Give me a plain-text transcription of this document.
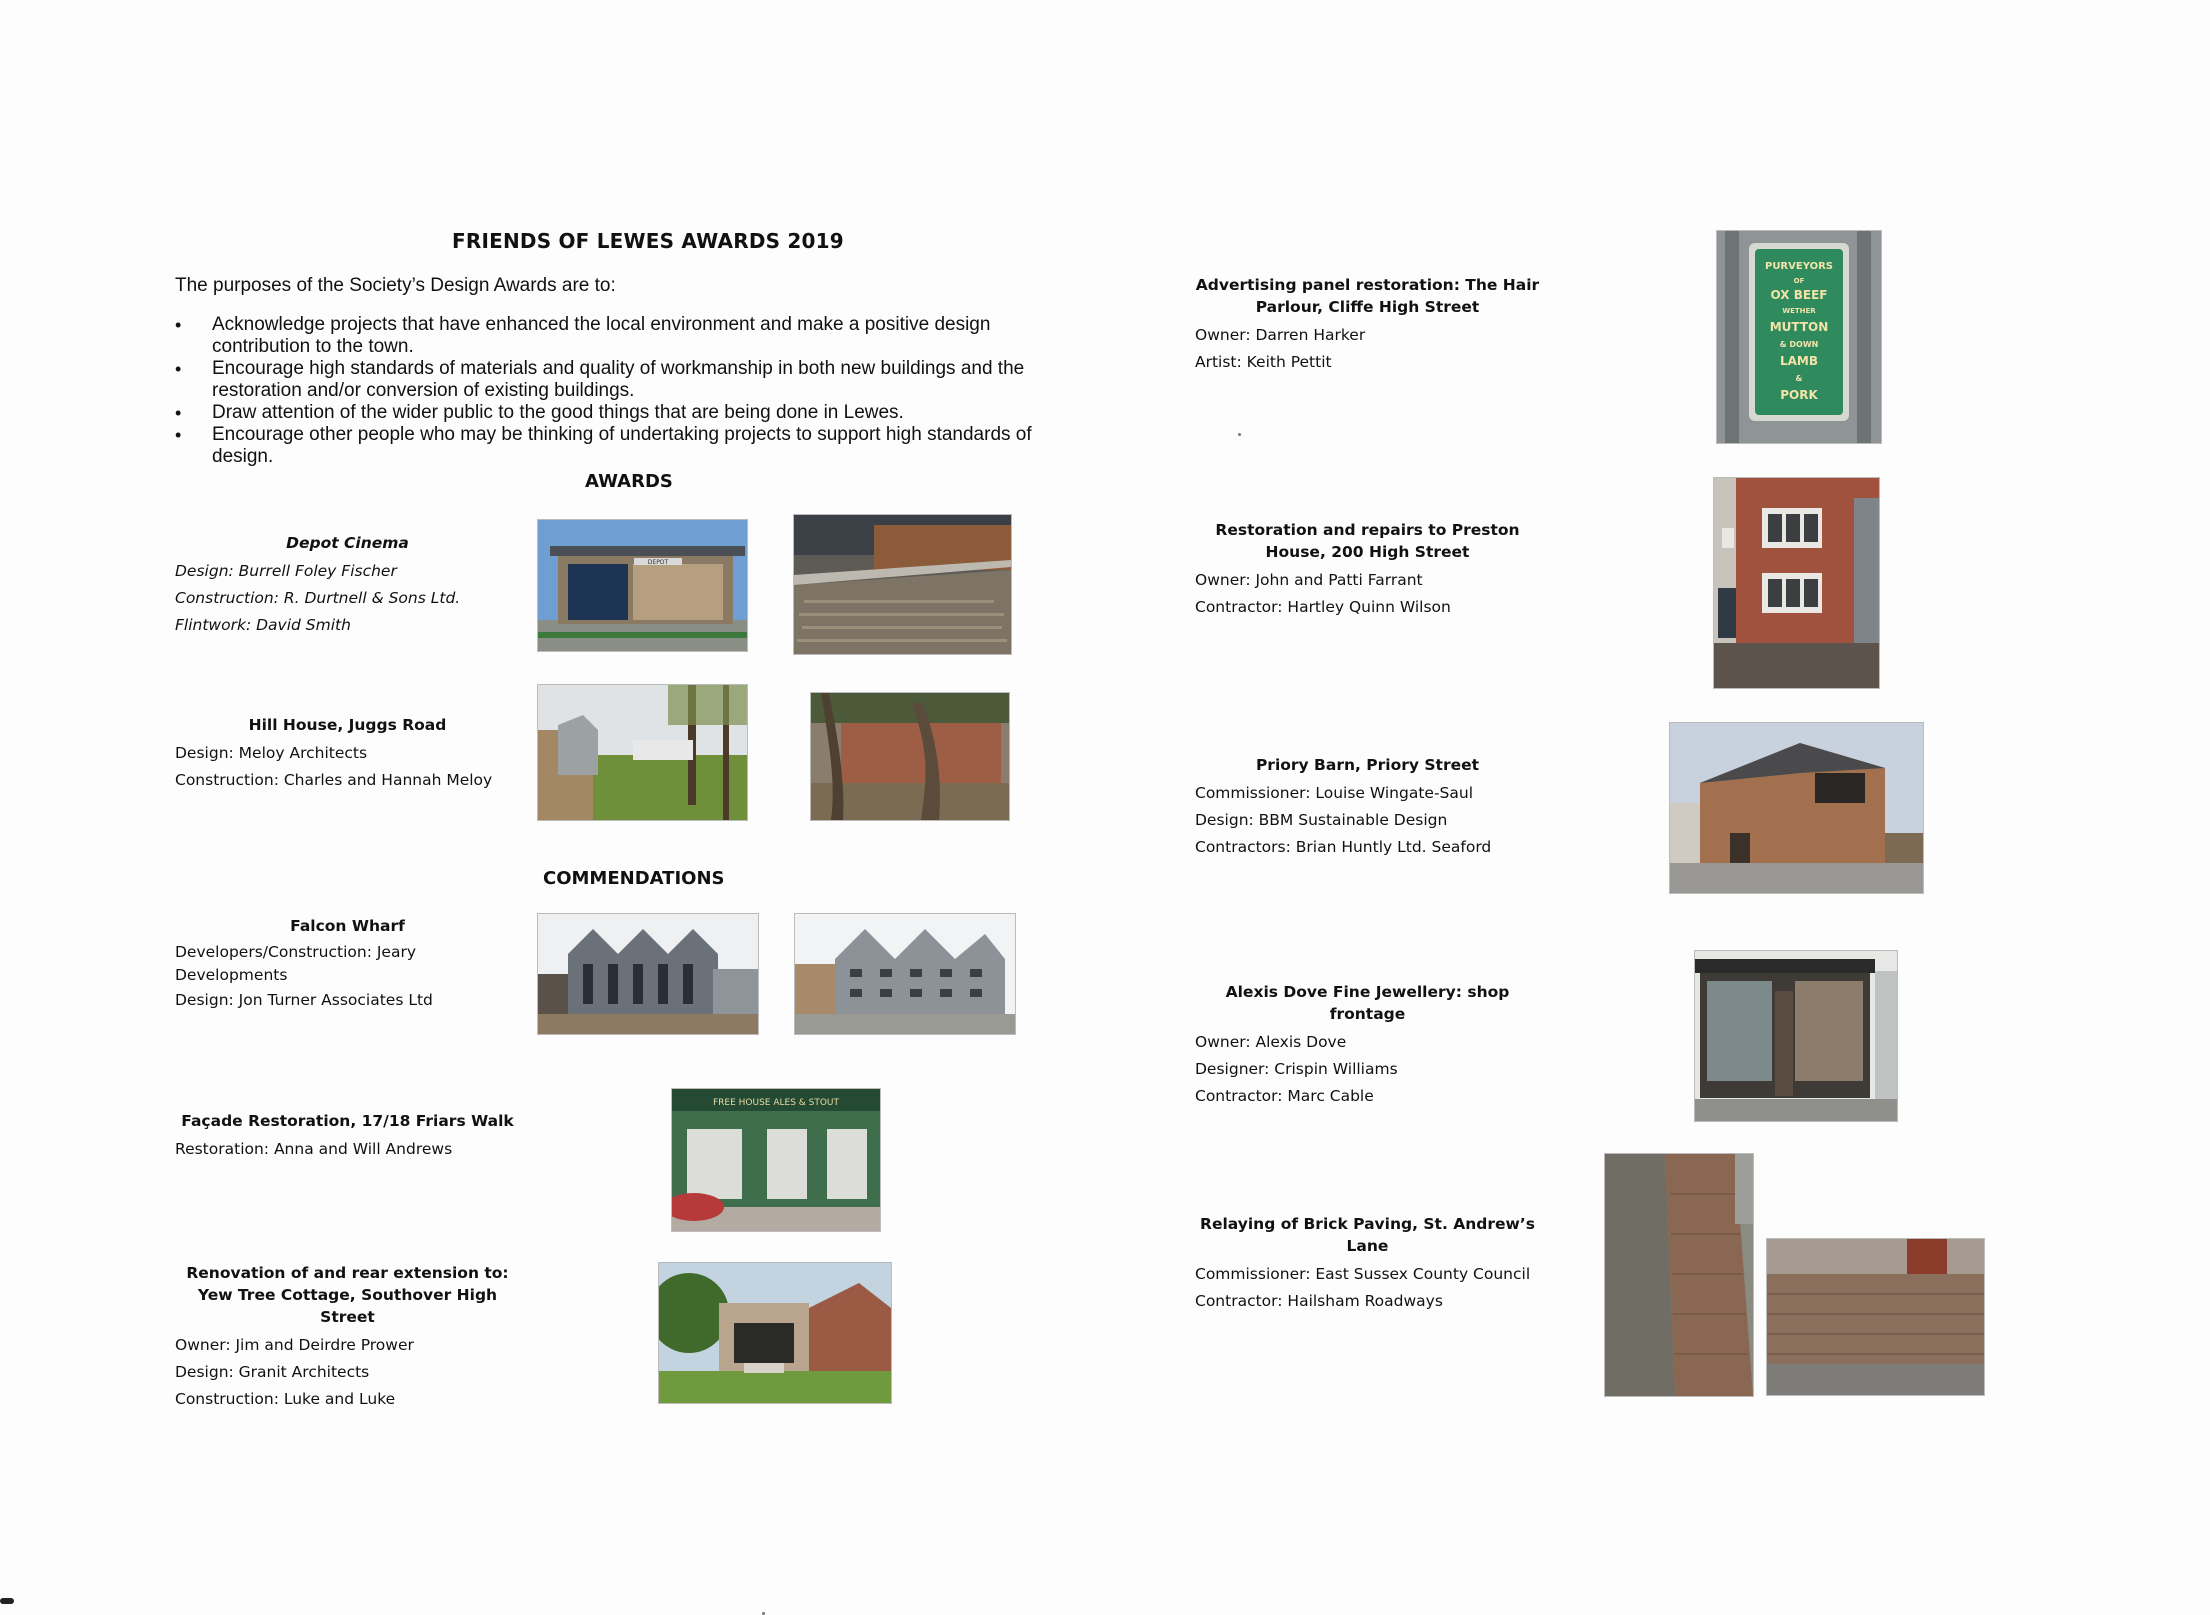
FRIENDS OF LEWES AWARDS 2019
The purposes of the Society’s Design Awards are to:
• Acknowledge projects that have enhanced the local environment and make a positive design contribution to the town.
• Encourage high standards of materials and quality of workmanship in both new buildings and the restoration and/or conversion of existing buildings.
• Draw attention of the wider public to the good things that are being done in Lewes.
• Encourage other people who may be thinking of undertaking projects to support high standards of design.
AWARDS
COMMENDATIONS
Depot Cinema
Design: Burrell Foley Fischer
Construction: R. Durtnell & Sons Ltd.
Flintwork: David Smith
Hill House, Juggs Road
Design: Meloy Architects
Construction: Charles and Hannah Meloy
Falcon Wharf
Developers/Construction: Jeary
Developments
Design: Jon Turner Associates Ltd
Façade Restoration, 17/18 Friars Walk
Restoration: Anna and Will Andrews
Renovation of and rear extension to: Yew Tree Cottage, Southover High Street
Owner: Jim and Deirdre Prower
Design: Granit Architects
Construction: Luke and Luke
Advertising panel restoration: The Hair Parlour, Cliffe High Street
Owner: Darren Harker
Artist: Keith Pettit
Restoration and repairs to Preston House, 200 High Street
Owner: John and Patti Farrant
Contractor: Hartley Quinn Wilson
Priory Barn, Priory Street
Commissioner: Louise Wingate-Saul
Design: BBM Sustainable Design
Contractors: Brian Huntly Ltd. Seaford
Alexis Dove Fine Jewellery: shop frontage
Owner: Alexis Dove
Designer: Crispin Williams
Contractor: Marc Cable
Relaying of Brick Paving, St. Andrew’s Lane
Commissioner: East Sussex County Council
Contractor: Hailsham Roadways
DEPOT
FREE HOUSE ALES & STOUT
PURVEYORS
OF
OX BEEF
WETHER
MUTTON
& DOWN
LAMB
&
PORK
